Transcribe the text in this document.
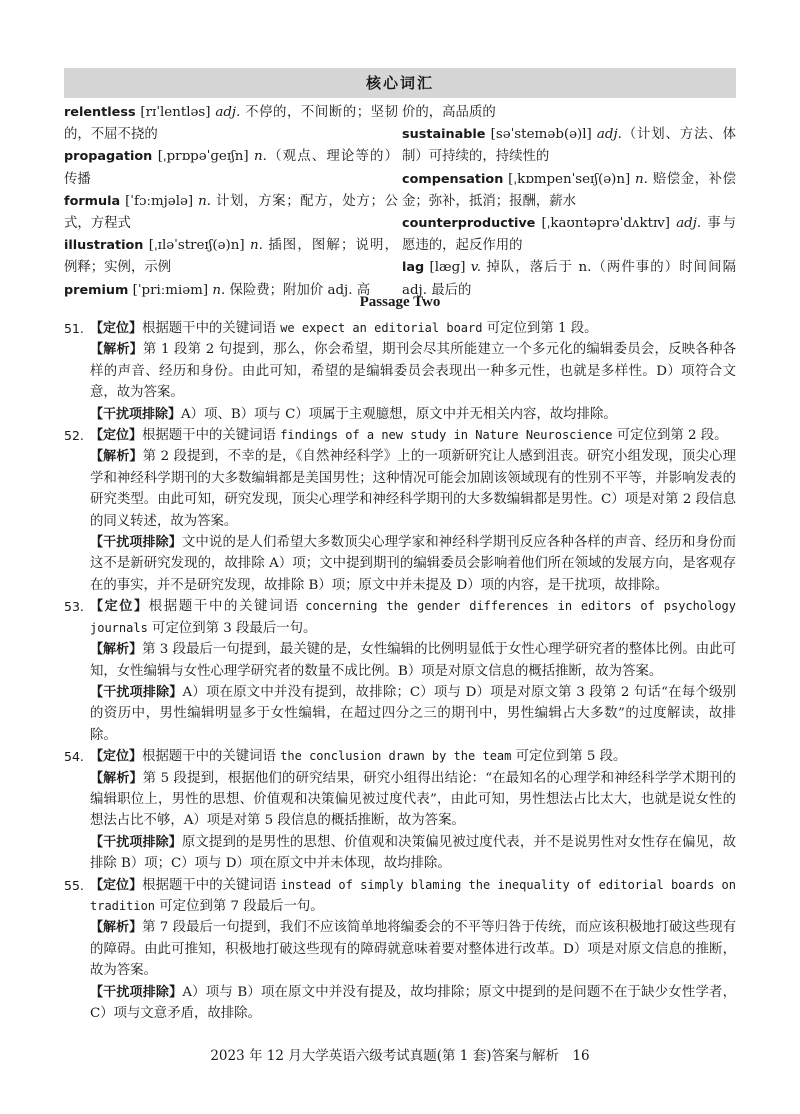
核心词汇
relentless [rɪˈlentləs] adj. 不停的，不间断的；坚韧的，不屈不挠的
propagation [ˌprɒpəˈɡeɪʃn] n.（观点、理论等的）传播
formula [ˈfɔːmjələ] n. 计划，方案；配方，处方；公式，方程式
illustration [ˌɪləˈstreɪʃ(ə)n] n. 插图，图解；说明，例释；实例，示例
premium [ˈpriːmiəm] n. 保险费；附加价 adj. 高
价的，高品质的
sustainable [səˈsteɪnəb(ə)l] adj.（计划、方法、体制）可持续的，持续性的
compensation [ˌkɒmpenˈseɪʃ(ə)n] n. 赔偿金，补偿金；弥补，抵消；报酬，薪水
counterproductive [ˌkaʊntəprəˈdʌktɪv] adj. 事与愿违的，起反作用的
lag [læɡ] v. 掉队，落后于 n.（两件事的）时间间隔 adj. 最后的
Passage Two
51. 【定位】根据题干中的关键词语 we expect an editorial board 可定位到第 1 段。
【解析】第 1 段第 2 句提到，那么，你会希望，期刊会尽其所能建立一个多元化的编辑委员会，反映各种各样的声音、经历和身份。由此可知，希望的是编辑委员会表现出一种多元性，也就是多样性。D）项符合文意，故为答案。
【干扰项排除】A）项、B）项与 C）项属于主观臆想，原文中并无相关内容，故均排除。
52. 【定位】根据题干中的关键词语 findings of a new study in Nature Neuroscience 可定位到第 2 段。
【解析】第 2 段提到，不幸的是，《自然神经科学》上的一项新研究让人感到沮丧。研究小组发现，顶尖心理学和神经科学期刊的大多数编辑都是美国男性；这种情况可能会加剧该领域现有的性别不平等，并影响发表的研究类型。由此可知，研究发现，顶尖心理学和神经科学期刊的大多数编辑都是男性。C）项是对第 2 段信息的同义转述，故为答案。
【干扰项排除】文中说的是人们希望大多数顶尖心理学家和神经科学期刊反应各种各样的声音、经历和身份而这不是新研究发现的，故排除 A）项；文中提到期刊的编辑委员会影响着他们所在领域的发展方向，是客观存在的事实，并不是研究发现，故排除 B）项；原文中并未提及 D）项的内容，是干扰项，故排除。
53. 【定位】根据题干中的关键词语 concerning the gender differences in editors of psychology journals 可定位到第 3 段最后一句。
【解析】第 3 段最后一句提到，最关键的是，女性编辑的比例明显低于女性心理学研究者的整体比例。由此可知，女性编辑与女性心理学研究者的数量不成比例。B）项是对原文信息的概括推断，故为答案。
【干扰项排除】A）项在原文中并没有提到，故排除；C）项与 D）项是对原文第 3 段第 2 句话“在每个级别的资历中，男性编辑明显多于女性编辑，在超过四分之三的期刊中，男性编辑占大多数”的过度解读，故排除。
54. 【定位】根据题干中的关键词语 the conclusion drawn by the team 可定位到第 5 段。
【解析】第 5 段提到，根据他们的研究结果，研究小组得出结论：“在最知名的心理学和神经科学学术期刊的编辑职位上，男性的思想、价值观和决策偏见被过度代表”，由此可知，男性想法占比太大，也就是说女性的想法占比不够，A）项是对第 5 段信息的概括推断，故为答案。
【干扰项排除】原文提到的是男性的思想、价值观和决策偏见被过度代表，并不是说男性对女性存在偏见，故排除 B）项；C）项与 D）项在原文中并未体现，故均排除。
55. 【定位】根据题干中的关键词语 instead of simply blaming the inequality of editorial boards on tradition 可定位到第 7 段最后一句。
【解析】第 7 段最后一句提到，我们不应该简单地将编委会的不平等归咎于传统，而应该积极地打破这些现有的障碍。由此可推知，积极地打破这些现有的障碍就意味着要对整体进行改革。D）项是对原文信息的推断，故为答案。
【干扰项排除】A）项与 B）项在原文中并没有提及，故均排除；原文中提到的是问题不在于缺少女性学者，C）项与文意矛盾，故排除。
2023 年 12 月大学英语六级考试真题(第 1 套)答案与解析　16
